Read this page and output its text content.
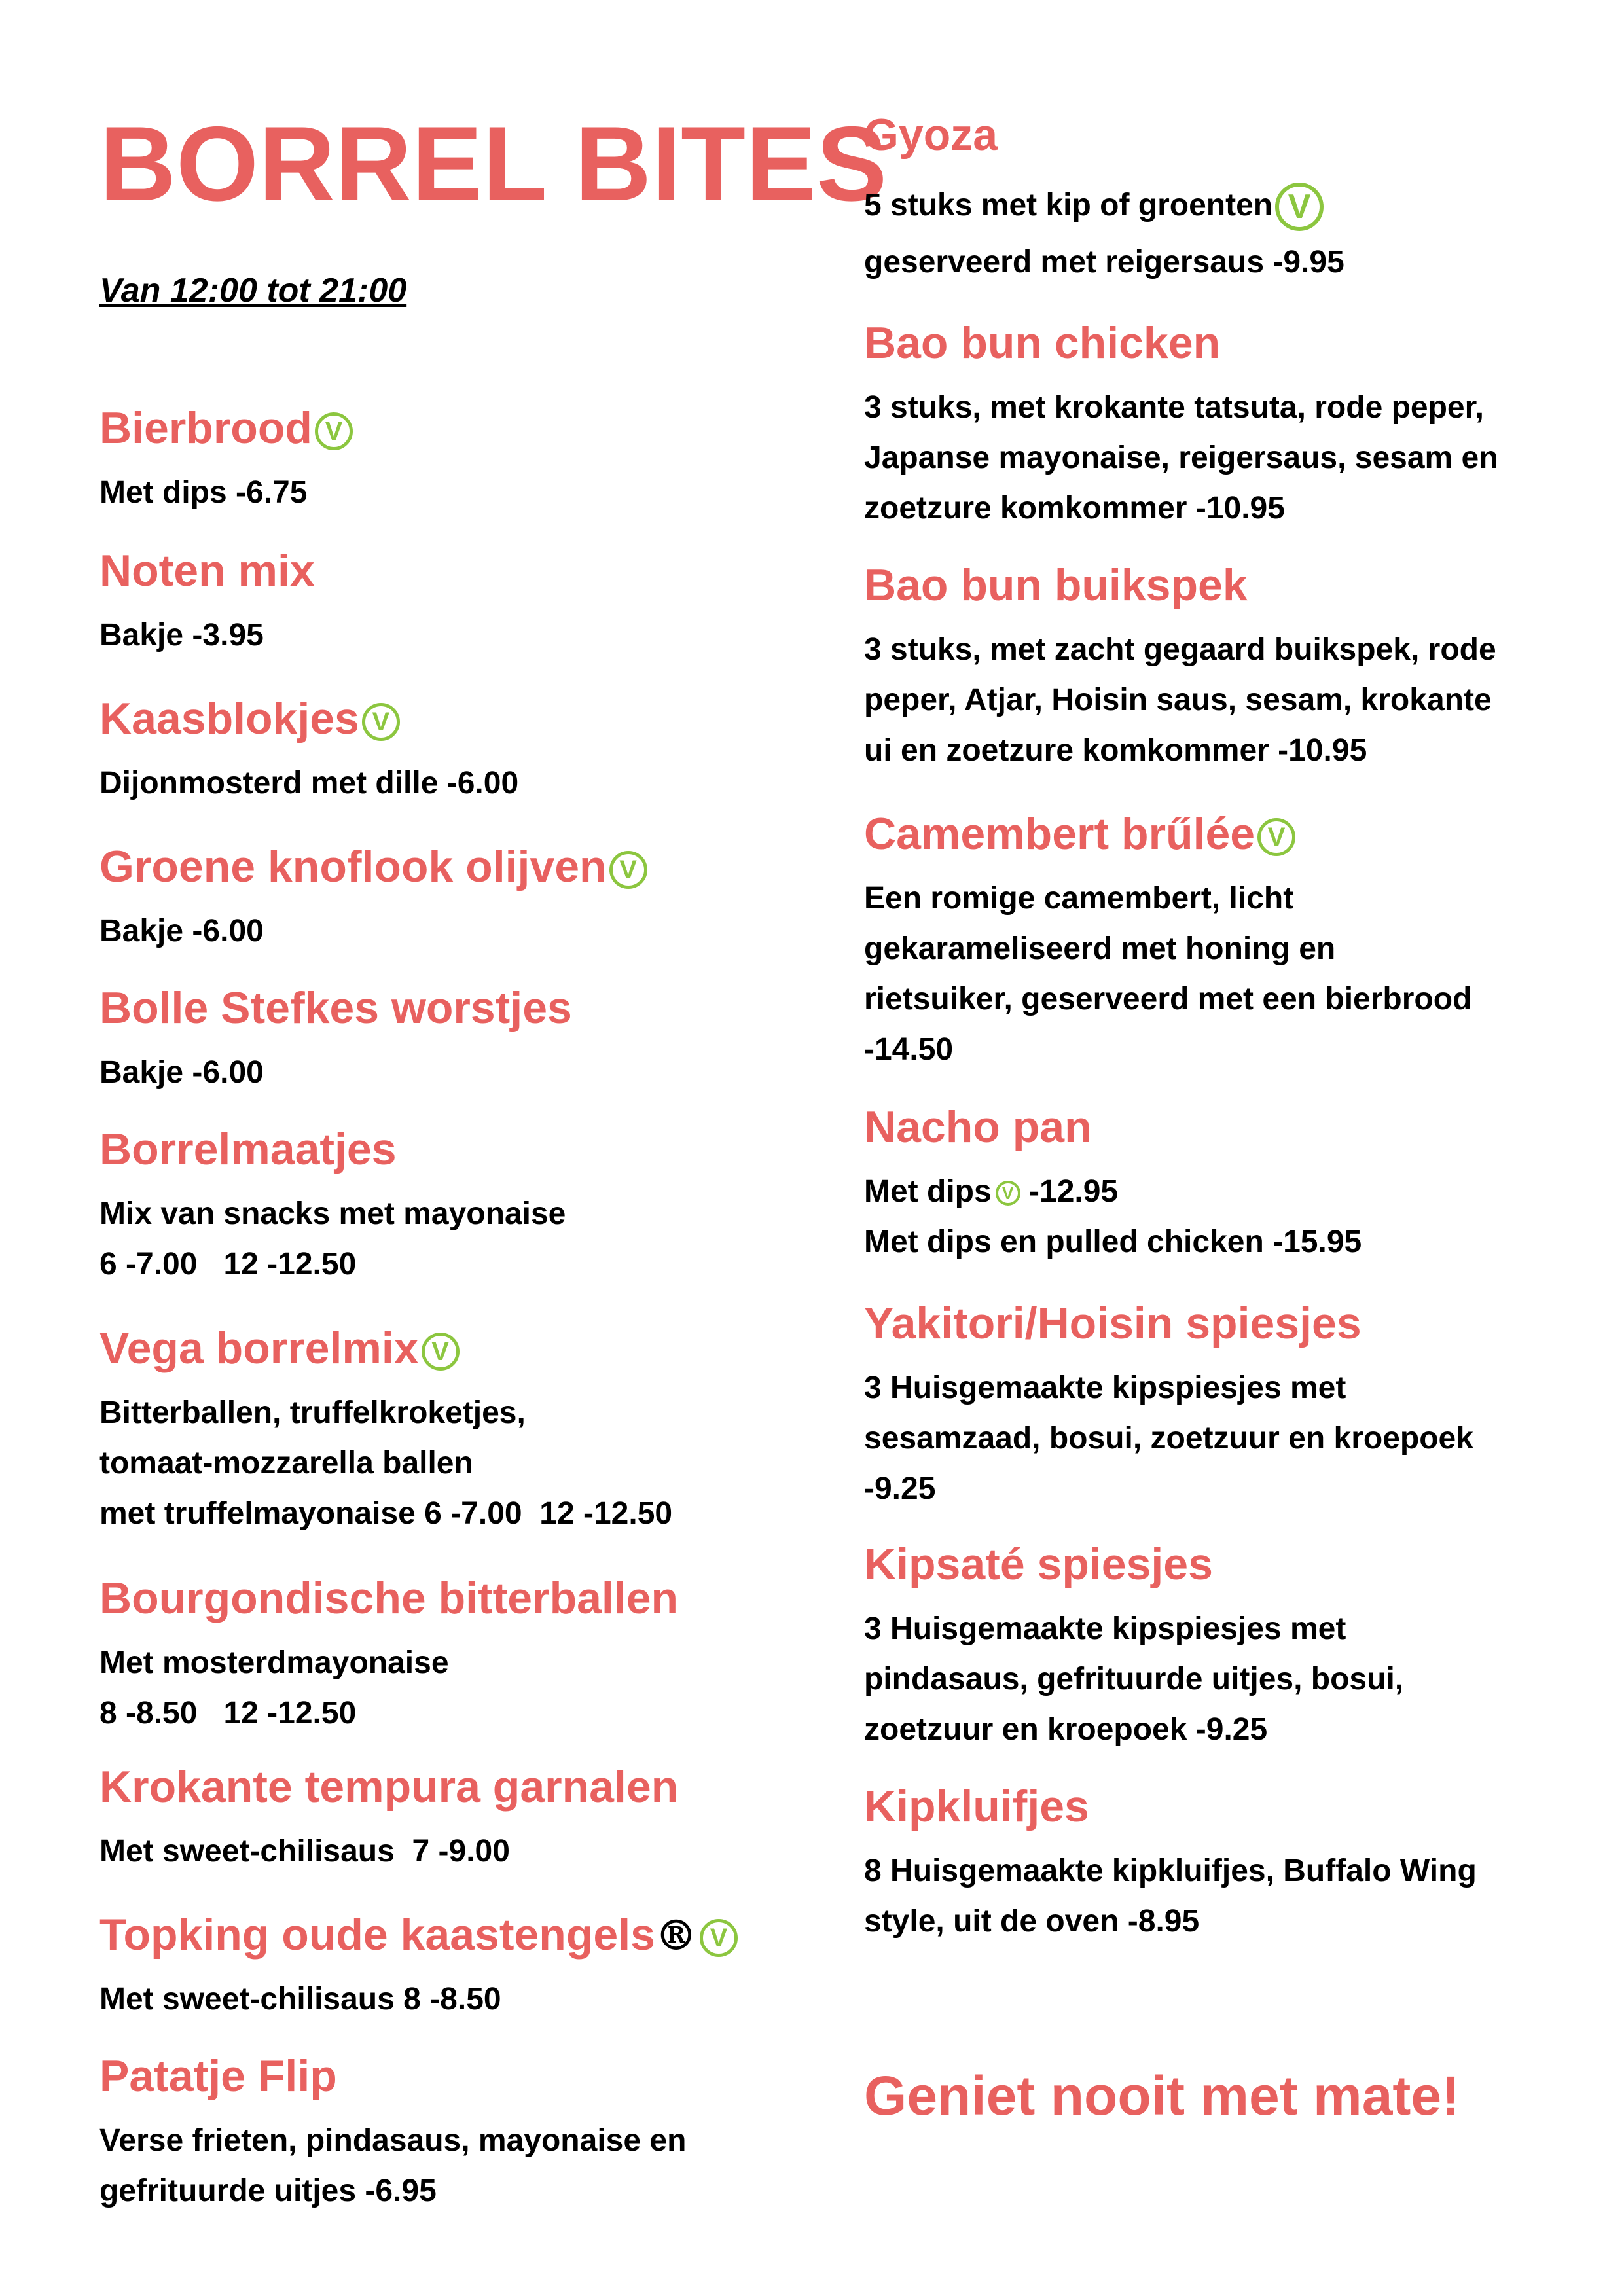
BORREL BITES
Van 12:00 tot 21:00
Bierbrood V
Met dips -6.75
Noten mix
Bakje -3.95
Kaasblokjes V
Dijonmosterd met dille -6.00
Groene knoflook olijven V
Bakje -6.00
Bolle Stefkes worstjes
Bakje -6.00
Borrelmaatjes
Mix van snacks met mayonaise
6 -7.00   12 -12.50
Vega borrelmix V
Bitterballen, truffelkroketjes,
tomaat-mozzarella ballen
met truffelmayonaise 6 -7.00  12 -12.50
Bourgondische bitterballen
Met mosterdmayonaise
8 -8.50   12 -12.50
Krokante tempura garnalen
Met sweet-chilisaus  7 -9.00
Topking oude kaastengels® V
Met sweet-chilisaus 8 -8.50
Patatje Flip
Verse frieten, pindasaus, mayonaise en
gefrituurde uitjes -6.95
Gyoza
5 stuks met kip of groenten V
geserveerd met reigersaus -9.95
Bao bun chicken
3 stuks, met krokante tatsuta, rode peper,
Japanse mayonaise, reigersaus, sesam en
zoetzure komkommer -10.95
Bao bun buikspek
3 stuks, met zacht gegaard buikspek, rode
peper, Atjar, Hoisin saus, sesam, krokante
ui en zoetzure komkommer -10.95
Camembert brűlée V
Een romige camembert, licht
gekarameliseerd met honing en
rietsuiker, geserveerd met een bierbrood
-14.50
Nacho pan
Met dips V -12.95
Met dips en pulled chicken -15.95
Yakitori/Hoisin spiesjes
3 Huisgemaakte kipspiesjes met
sesamzaad, bosui, zoetzuur en kroepoek
-9.25
Kipsaté spiesjes
3 Huisgemaakte kipspiesjes met
pindasaus, gefrituurde uitjes, bosui,
zoetzuur en kroepoek -9.25
Kipkluifjes
8 Huisgemaakte kipkluifjes, Buffalo Wing
style, uit de oven -8.95
Geniet nooit met mate!
